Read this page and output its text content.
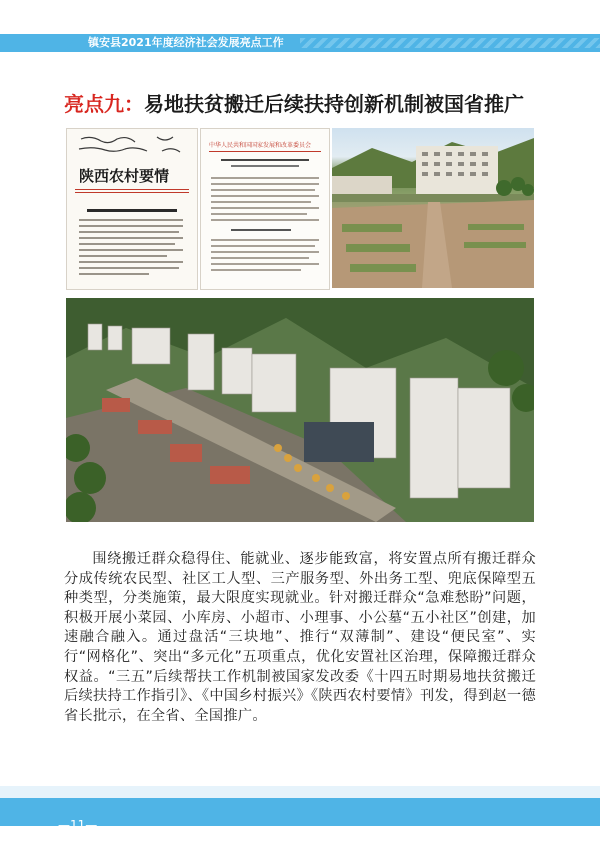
镇安县2021年度经济社会发展亮点工作
亮点九：易地扶贫搬迁后续扶持创新机制被国省推广
陕西农村要情
中华人民共和国国家发展和改革委员会
围绕搬迁群众稳得住、能就业、逐步能致富，将安置点所有搬迁群众分成传统农民型、社区工人型、三产服务型、外出务工型、兜底保障型五种类型，分类施策，最大限度实现就业。针对搬迁群众“急难愁盼”问题，积极开展小菜园、小库房、小超市、小理事、小公墓“五小社区”创建，加速融合融入。通过盘活“三块地”、推行“双薄制”、建设“便民室”、实行“网格化”、突出“多元化”五项重点，优化安置社区治理，保障搬迁群众权益。“三五”后续帮扶工作机制被国家发改委《十四五时期易地扶贫搬迁后续扶持工作指引》、《中国乡村振兴》《陕西农村要情》刊发，得到赵一德省长批示，在全省、全国推广。
—11—
